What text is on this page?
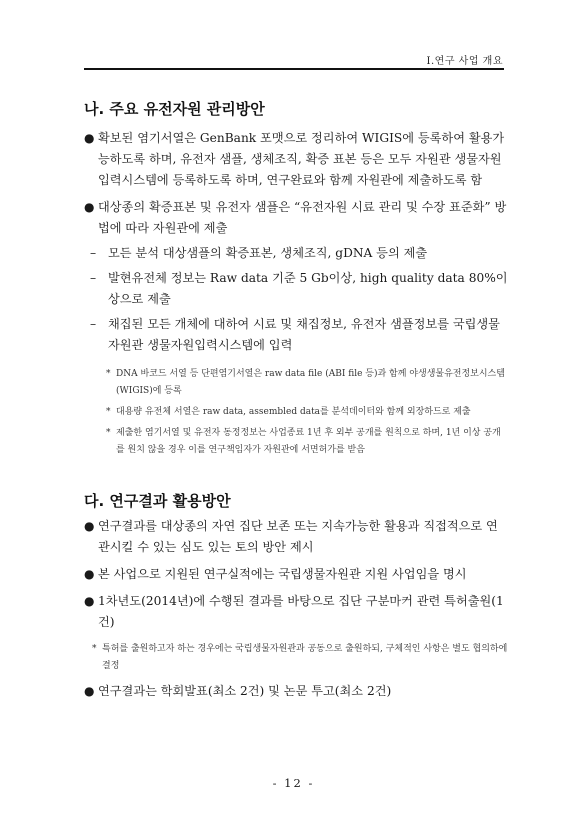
Ⅰ.연구 사업 개요
나. 주요 유전자원 관리방안
● 확보된 염기서열은 GenBank 포맷으로 정리하여 WIGIS에 등록하여 활용가능하도록 하며, 유전자 샘플, 생체조직, 확증 표본 등은 모두 자원관 생물자원입력시스템에 등록하도록 하며, 연구완료와 함께 자원관에 제출하도록 함
● 대상종의 확증표본 및 유전자 샘플은 “유전자원 시료 관리 및 수장 표준화” 방법에 따라 자원관에 제출
– 모든 분석 대상샘플의 확증표본, 생체조직, gDNA 등의 제출
– 발현유전체 정보는 Raw data 기준 5 Gb이상, high quality data 80%이상으로 제출
– 채집된 모든 개체에 대하여 시료 및 채집정보, 유전자 샘플정보를 국립생물자원관 생물자원입력시스템에 입력
* DNA 바코드 서열 등 단편염기서열은 raw data file (ABI file 등)과 함께 야생생물유전정보시스템(WIGIS)에 등록
* 대용량 유전체 서열은 raw data, assembled data를 분석데이터와 함께 외장하드로 제출
* 제출한 염기서열 및 유전자 동정정보는 사업종료 1년 후 외부 공개를 원칙으로 하며, 1년 이상 공개를 원치 않을 경우 이를 연구책임자가 자원관에 서면허가를 받음
다. 연구결과 활용방안
● 연구결과를 대상종의 자연 집단 보존 또는 지속가능한 활용과 직접적으로 연관시킬 수 있는 심도 있는 토의 방안 제시
● 본 사업으로 지원된 연구실적에는 국립생물자원관 지원 사업임을 명시
● 1차년도(2014년)에 수행된 결과를 바탕으로 집단 구분마커 관련 특허출원(1건)
* 특허를 출원하고자 하는 경우에는 국립생물자원관과 공동으로 출원하되, 구체적인 사항은 별도 협의하에 결정
● 연구결과는 학회발표(최소 2건) 및 논문 투고(최소 2건)
- 12 -
